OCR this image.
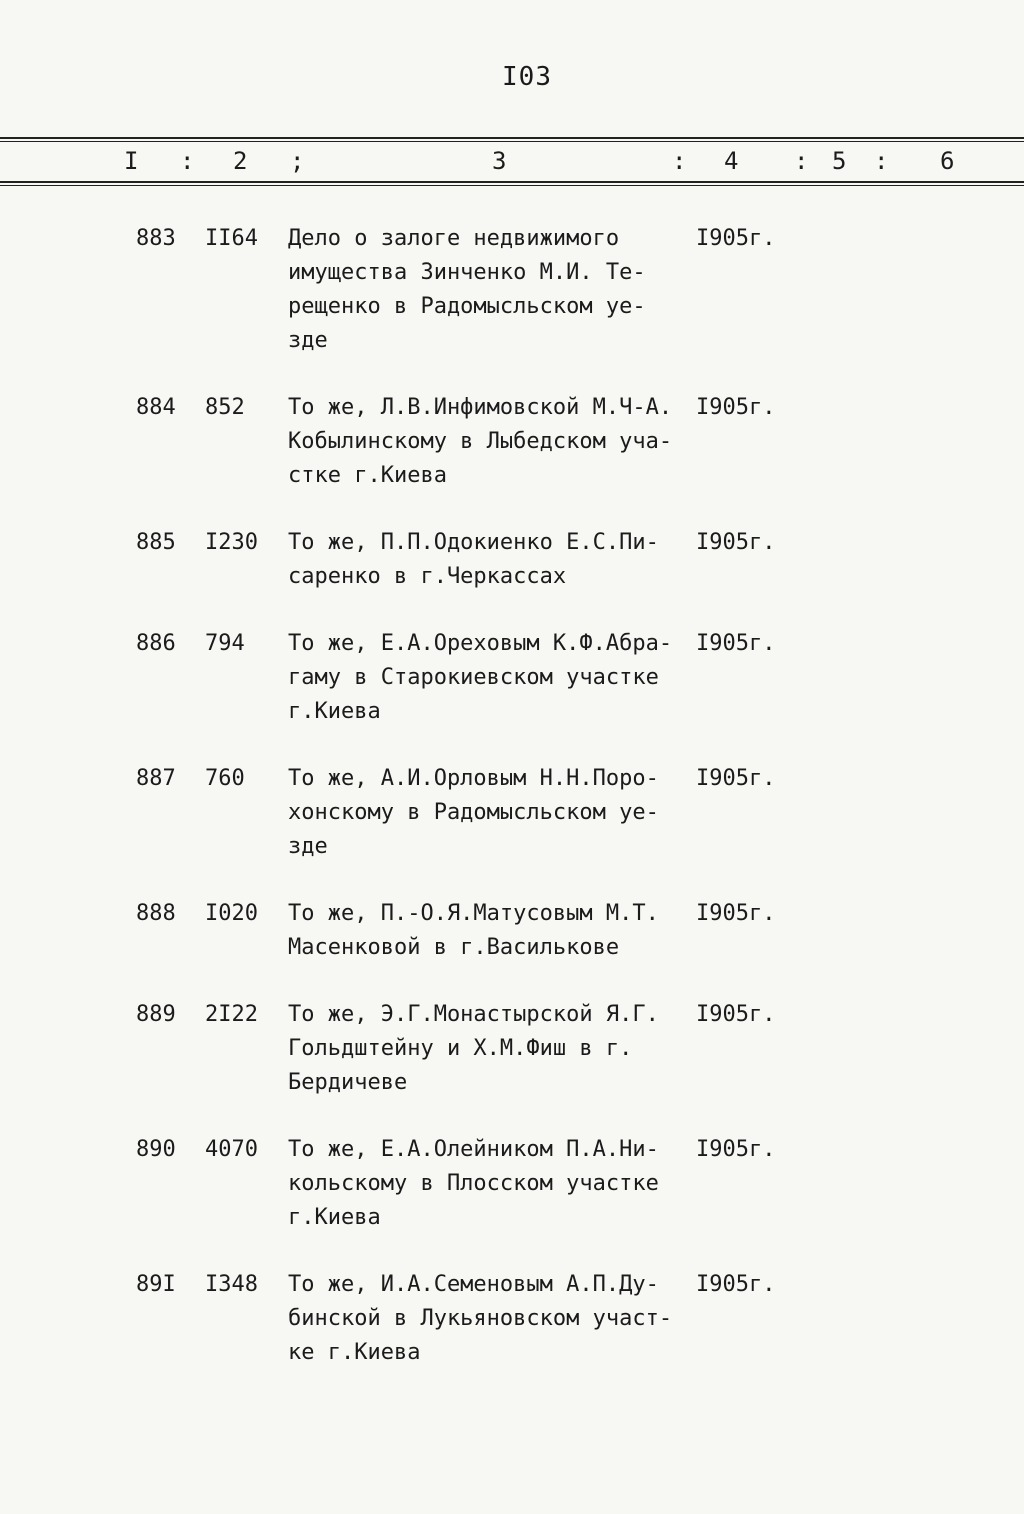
I03
I : 2 ;	3	: 4 : 5 : 6
883 II64 Дело о залоге недвижимого
имущества Зинченко М.И. Те-
рещенко в Радомысльском уе-
зде
I905г.
884 852 То же, Л.В.Инфимовской М.Ч-А.
Кобылинскому в Лыбедском уча-
стке г.Киева
I905г.
885 I230 То же, П.П.Одокиенко Е.С.Пи-
саренко в г.Черкассах
I905г.
886 794 То же, Е.А.Ореховым К.Ф.Абра-
гаму в Старокиевском участке
г.Киева
I905г.
887 760 То же, А.И.Орловым Н.Н.Поро-
хонскому в Радомысльском уе-
зде
I905г.
888 I020 То же, П.-О.Я.Матусовым М.Т.
Масенковой в г.Василькове
I905г.
889 2I22 То же, Э.Г.Монастырской Я.Г.
Гольдштейну и Х.М.Фиш в г.
Бердичеве
I905г.
890 4070 То же, Е.А.Олейником П.А.Ни-
кольскому в Плосском участке
г.Киева
I905г.
89I I348 То же, И.А.Семеновым А.П.Ду-
бинской в Лукьяновском участ-
ке г.Киева
I905г.
